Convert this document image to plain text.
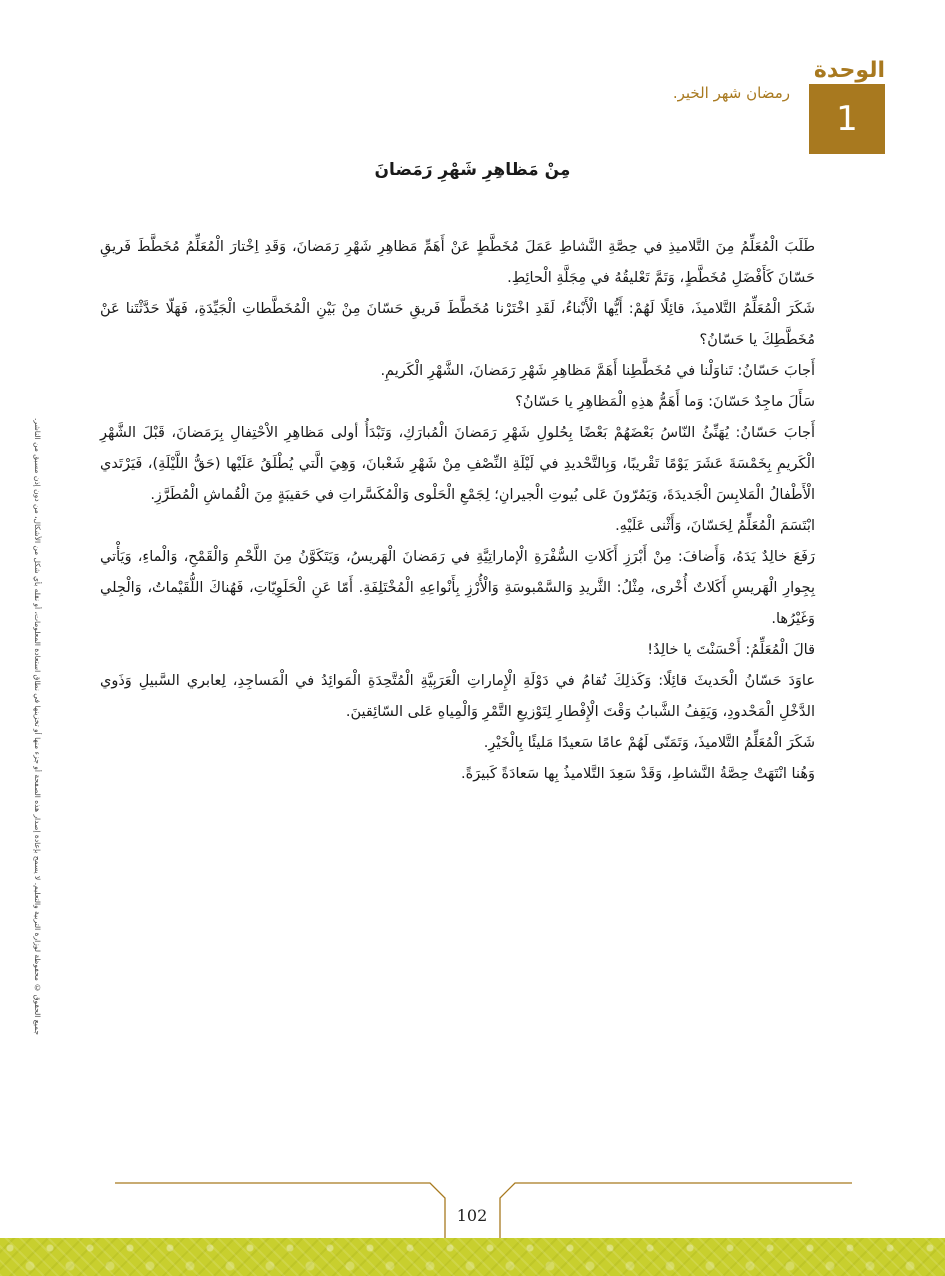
الوحدة
1
رمضان شهر الخير.
جميع الحقوق © محفوظة لوزارة التربية والتعليم. لا يسمح بإعادة إصدار هذه الصفحة أو جزء منها أو تخزينها في نطاق استعادة المعلومات، أو نقله بأي شكل من الأشكال، من دون إذن مسبق من الناشر.
مِنْ مَظاهِرِ شَهْرِ رَمَضانَ

طَلَبَ الْمُعَلِّمُ مِنَ التَّلاميذِ في حِصَّةِ النَّشاطِ عَمَلَ مُخَطَّطٍ عَنْ أَهَمِّ مَظاهِرِ شَهْرِ رَمَضانَ، وَقَدِ اِخْتارَ الْمُعَلِّمُ مُخَطَّطَ فَريقِ حَسّانَ كَأَفْضَلِ مُخَطَّطٍ، وَتَمَّ تَعْليقُهُ في مِجَلَّةِ الْحائِطِ.

شَكَرَ الْمُعَلِّمُ التَّلاميذَ، قائِلًا لَهُمْ: أَيُّها الْأَبْناءُ، لَقَدِ اخْتَرْنا مُخَطَّطَ فَريقِ حَسّانَ مِنْ بَيْنِ الْمُخَطَّطاتِ الْجَيِّدَةِ، فَهَلّا حَدَّثْتَنا عَنْ مُخَطَّطِكَ يا حَسّانُ؟

أَجابَ حَسّانُ: تَناوَلْنا في مُخَطَّطِنا أَهَمَّ مَظاهِرِ شَهْرِ رَمَضانَ، الشَّهْرِ الْكَريمِ.

سَأَلَ ماجِدٌ حَسّانَ: وَما أَهَمُّ هذِهِ الْمَظاهِرِ يا حَسّانُ؟

أَجابَ حَسّانُ: يُهَنِّئُ النّاسُ بَعْضَهُمْ بَعْضًا بِحُلولِ شَهْرِ رَمَضانَ الْمُبارَكِ، وَتَبْدَأُ أولى مَظاهِرِ الاْحْتِفالِ بِرَمَضانَ، قَبْلَ الشَّهْرِ الْكَريمِ بِخَمْسَةَ عَشَرَ يَوْمًا تَقْريبًا، وَبِالتَّحْديدِ في لَيْلَةِ النِّصْفِ مِنْ شَهْرِ شَعْبانَ، وَهِيَ الَّتي يُطْلَقُ عَلَيْها (حَقُّ اللَّيْلَةِ)، فَيَرْتَدي الْأَطْفالُ الْمَلابِسَ الْجَديدَةَ، وَيَمُرّونَ عَلى بُيوتِ الْجيرانِ؛ لِجَمْعِ الْحَلْوى وَالْمُكَسَّراتِ في حَقيبَةٍ مِنَ الْقُماشِ الْمُطَرَّزِ.

ابْتَسَمَ الْمُعَلِّمُ لِحَسّانَ، وَأَثْنى عَلَيْهِ.

رَفَعَ خالِدٌ يَدَهُ، وَأَضافَ: مِنْ أَبْرَزِ أَكَلاتِ السُّفْرَةِ الْإماراتِيَّةِ في رَمَضانَ الْهَريسُ، وَيَتَكَوَّنُ مِنَ اللَّحْمِ وَالْقَمْحِ، وَالْماءِ، وَيَأْتي بِجِوارِ الْهَريسِ أَكَلاتٌ أُخْرى، مِثْلُ: الثَّريدِ وَالسَّمْبوسَةِ وَالْأُرْزِ بِأَنْواعِهِ الْمُخْتَلِفَةِ. أَمّا عَنِ الْحَلَوِيّاتِ، فَهُناكَ اللُّقَيْماتُ، وَالْجِلي وَغَيْرُها.

قالَ الْمُعَلِّمُ: أَحْسَنْتَ يا خالِدُ!

عاوَدَ حَسّانُ الْحَديثَ قائِلًا: وَكَذلِكَ تُقامُ في دَوْلَةِ الْإِماراتِ الْعَرَبِيَّةِ الْمُتَّحِدَةِ الْمَوائِدُ في الْمَساجِدِ، لِعابري السَّبيلِ وَذَوي الدَّخْلِ الْمَحْدودِ، وَيَقِفُ الشَّبابُ وَقْتَ الْإِفْطارِ لِتَوْزيعِ التَّمْرِ وَالْمِياهِ عَلى السّائِقينَ.

شَكَرَ الْمُعَلِّمُ التَّلاميذَ، وَتَمَنّى لَهُمْ عامًا سَعيدًا مَليئًا بِالْخَيْرِ.

وَهُنا انْتَهَتْ حِصَّةُ النَّشاطِ، وَقَدْ سَعِدَ التَّلاميذُ بِها سَعادَةً كَبيرَةً.

102
